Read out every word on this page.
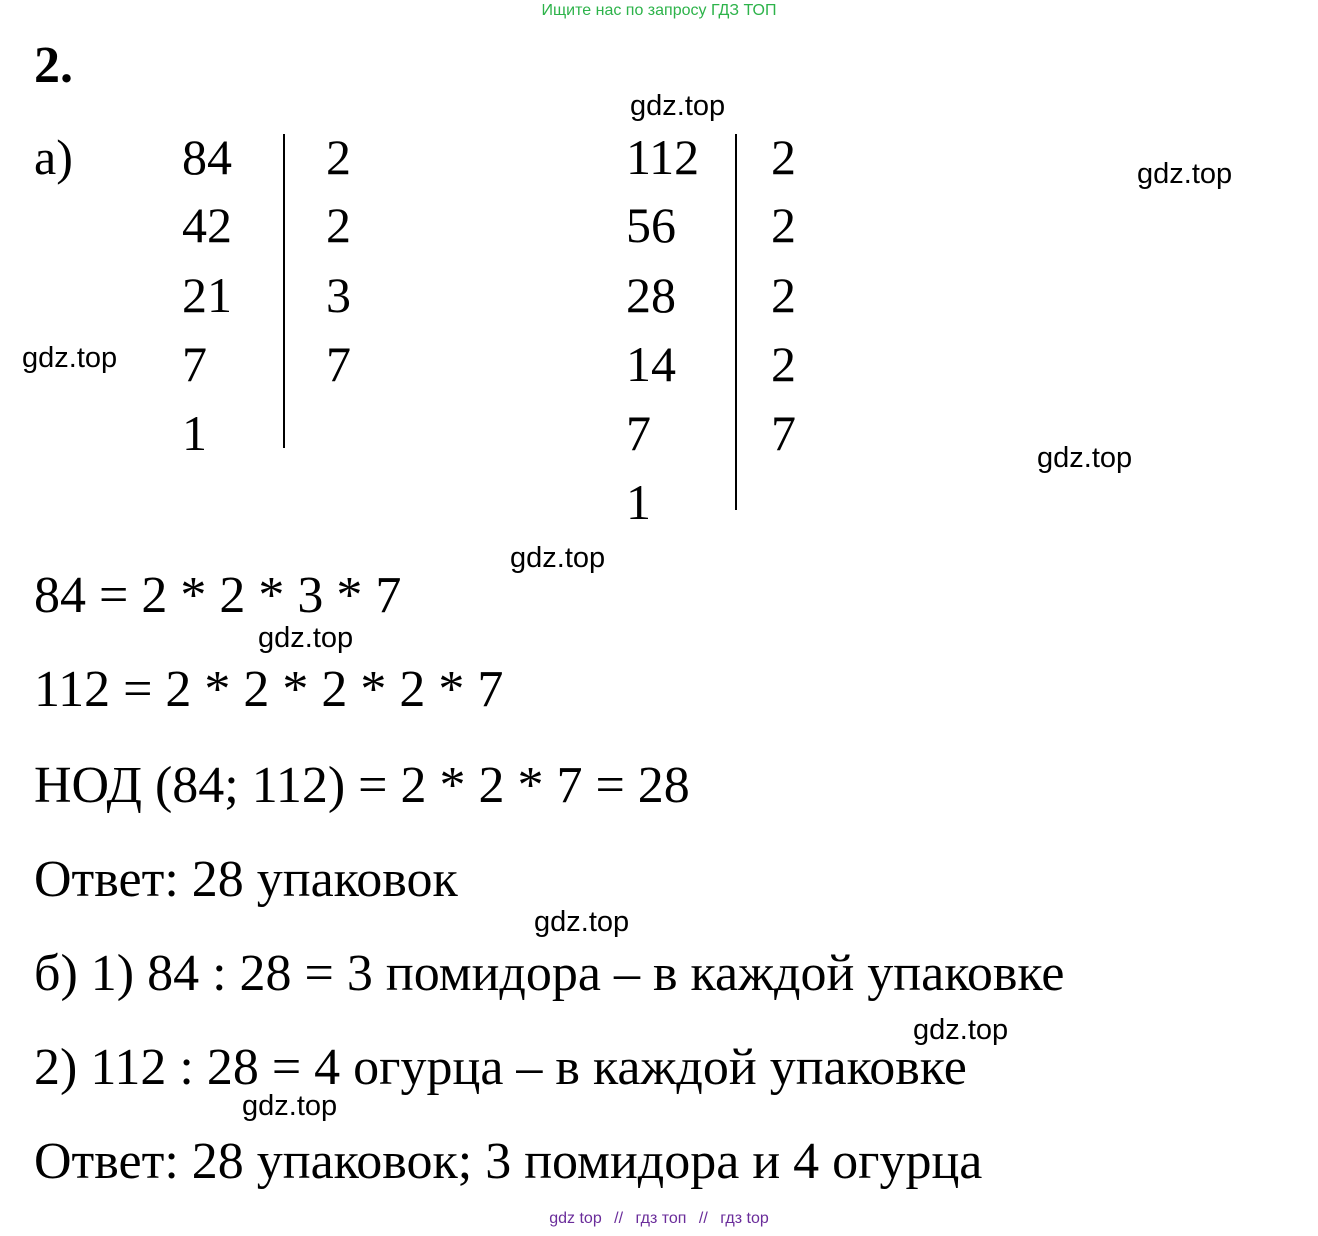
Ищите нас по запросу ГДЗ ТОП
2.
а) 84
42
21
7
1
2
2
3
7
112
56
28
14
7
1
2
2
2
2
7
84 = 2 * 2 * 3 * 7
112 = 2 * 2 * 2 * 2 * 7
НОД (84; 112) = 2 * 2 * 7 = 28
Ответ: 28 упаковок
б) 1) 84 : 28 = 3 помидора – в каждой упаковке
2) 112 : 28 = 4 огурца – в каждой упаковке
Ответ: 28 упаковок; 3 помидора и 4 огурца
gdz.top
gdz.top
gdz.top
gdz.top
gdz.top
gdz.top
gdz.top
gdz.top
gdz.top
gdz top // гдз топ // гдз top
